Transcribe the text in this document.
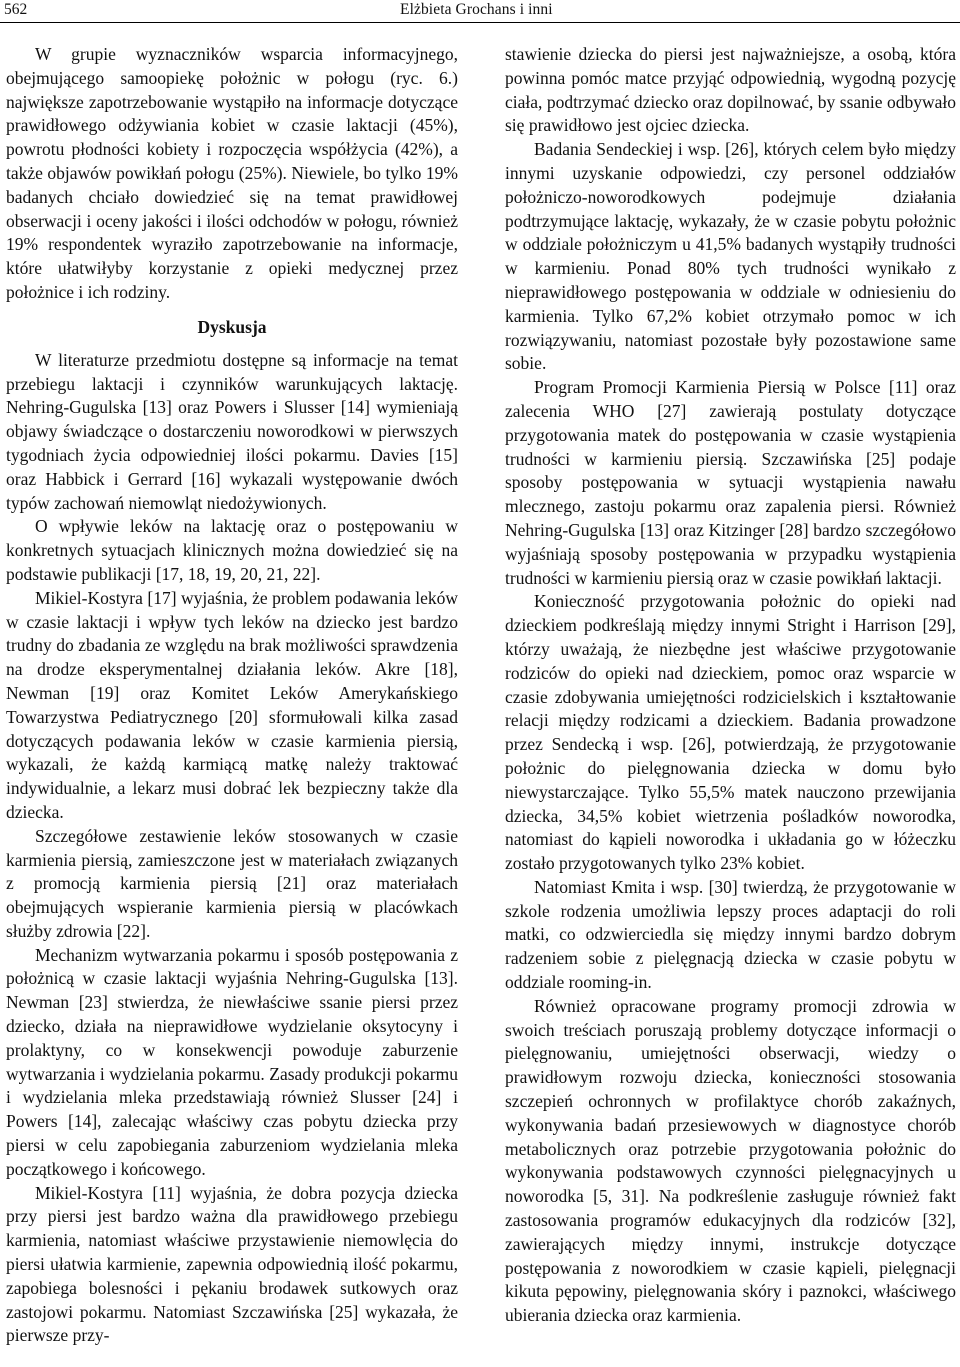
562	Elżbieta Grochans i inni

W grupie wyznaczników wsparcia informacyjnego, obejmującego samoopiekę położnic w połogu (ryc. 6.) największe zapotrzebowanie wystąpiło na informacje dotyczące prawidłowego odżywiania kobiet w czasie laktacji (45%), powrotu płodności kobiety i rozpoczęcia współżycia (42%), a także objawów powikłań połogu (25%). Niewiele, bo tylko 19% badanych chciało dowiedzieć się na temat prawidłowej obserwacji i oceny jakości i ilości odchodów w połogu, również 19% respondentek wyraziło zapotrzebowanie na informacje, które ułatwiłyby korzystanie z opieki medycznej przez położnice i ich rodziny.

Dyskusja

W literaturze przedmiotu dostępne są informacje na temat przebiegu laktacji i czynników warunkujących laktację. Nehring-Gugulska [13] oraz Powers i Slusser [14] wymieniają objawy świadczące o dostarczeniu noworodkowi w pierwszych tygodniach życia odpowiedniej ilości pokarmu. Davies [15] oraz Habbick i Gerrard [16] wykazali występowanie dwóch typów zachowań niemowląt niedożywionych.

O wpływie leków na laktację oraz o postępowaniu w konkretnych sytuacjach klinicznych można dowiedzieć się na podstawie publikacji [17, 18, 19, 20, 21, 22].

Mikiel-Kostyra [17] wyjaśnia, że problem podawania leków w czasie laktacji i wpływ tych leków na dziecko jest bardzo trudny do zbadania ze względu na brak możliwości sprawdzenia na drodze eksperymentalnej działania leków. Akre [18], Newman [19] oraz Komitet Leków Amerykańskiego Towarzystwa Pediatrycznego [20] sformułowali kilka zasad dotyczących podawania leków w czasie karmienia piersią, wykazali, że każdą karmiącą matkę należy traktować indywidualnie, a lekarz musi dobrać lek bezpieczny także dla dziecka.

Szczegółowe zestawienie leków stosowanych w czasie karmienia piersią, zamieszczone jest w materiałach związanych z promocją karmienia piersią [21] oraz materiałach obejmujących wspieranie karmienia piersią w placówkach służby zdrowia [22].

Mechanizm wytwarzania pokarmu i sposób postępowania z położnicą w czasie laktacji wyjaśnia Nehring-Gugulska [13]. Newman [23] stwierdza, że niewłaściwe ssanie piersi przez dziecko, działa na nieprawidłowe wydzielanie oksytocyny i prolaktyny, co w konsekwencji powoduje zaburzenie wytwarzania i wydzielania pokarmu. Zasady produkcji pokarmu i wydzielania mleka przedstawiają również Slusser [24] i Powers [14], zalecając właściwy czas pobytu dziecka przy piersi w celu zapobiegania zaburzeniom wydzielania mleka początkowego i końcowego.

Mikiel-Kostyra [11] wyjaśnia, że dobra pozycja dziecka przy piersi jest bardzo ważna dla prawidłowego przebiegu karmienia, natomiast właściwe przystawienie niemowlęcia do piersi ułatwia karmienie, zapewnia odpowiednią ilość pokarmu, zapobiega bolesności i pękaniu brodawek sutkowych oraz zastojowi pokarmu. Natomiast Szczawińska [25] wykazała, że pierwsze przy-

stawienie dziecka do piersi jest najważniejsze, a osobą, która powinna pomóc matce przyjąć odpowiednią, wygodną pozycję ciała, podtrzymać dziecko oraz dopilnować, by ssanie odbywało się prawidłowo jest ojciec dziecka.

Badania Sendeckiej i wsp. [26], których celem było między innymi uzyskanie odpowiedzi, czy personel oddziałów położniczo-noworodkowych podejmuje działania podtrzymujące laktację, wykazały, że w czasie pobytu położnic w oddziale położniczym u 41,5% badanych wystąpiły trudności w karmieniu. Ponad 80% tych trudności wynikało z nieprawidłowego postępowania w oddziale w odniesieniu do karmienia. Tylko 67,2% kobiet otrzymało pomoc w ich rozwiązywaniu, natomiast pozostałe były pozostawione same sobie.

Program Promocji Karmienia Piersią w Polsce [11] oraz zalecenia WHO [27] zawierają postulaty dotyczące przygotowania matek do postępowania w czasie wystąpienia trudności w karmieniu piersią. Szczawińska [25] podaje sposoby postępowania w sytuacji wystąpienia nawału mlecznego, zastoju pokarmu oraz zapalenia piersi. Również Nehring-Gugulska [13] oraz Kitzinger [28] bardzo szczegółowo wyjaśniają sposoby postępowania w przypadku wystąpienia trudności w karmieniu piersią oraz w czasie powikłań laktacji.

Konieczność przygotowania położnic do opieki nad dzieckiem podkreślają między innymi Stright i Harrison [29], którzy uważają, że niezbędne jest właściwe przygotowanie rodziców do opieki nad dzieckiem, pomoc oraz wsparcie w czasie zdobywania umiejętności rodzicielskich i kształtowanie relacji między rodzicami a dzieckiem. Badania prowadzone przez Sendecką i wsp. [26], potwierdzają, że przygotowanie położnic do pielęgnowania dziecka w domu było niewystarczające. Tylko 55,5% matek nauczono przewijania dziecka, 34,5% kobiet wietrzenia pośladków noworodka, natomiast do kąpieli noworodka i układania go w łóżeczku zostało przygotowanych tylko 23% kobiet.

Natomiast Kmita i wsp. [30] twierdzą, że przygotowanie w szkole rodzenia umożliwia lepszy proces adaptacji do roli matki, co odzwierciedla się między innymi bardzo dobrym radzeniem sobie z pielęgnacją dziecka w czasie pobytu w oddziale rooming-in.

Również opracowane programy promocji zdrowia w swoich treściach poruszają problemy dotyczące informacji o pielęgnowaniu, umiejętności obserwacji, wiedzy o prawidłowym rozwoju dziecka, konieczności stosowania szczepień ochronnych w profilaktyce chorób zakaźnych, wykonywania badań przesiewowych w diagnostyce chorób metabolicznych oraz potrzebie przygotowania położnic do wykonywania podstawowych czynności pielęgnacyjnych u noworodka [5, 31]. Na podkreślenie zasługuje również fakt zastosowania programów edukacyjnych dla rodziców [32], zawierających między innymi, instrukcje dotyczące postępowania z noworodkiem w czasie kąpieli, pielęgnacji kikuta pępowiny, pielęgnowania skóry i paznokci, właściwego ubierania dziecka oraz karmienia.
